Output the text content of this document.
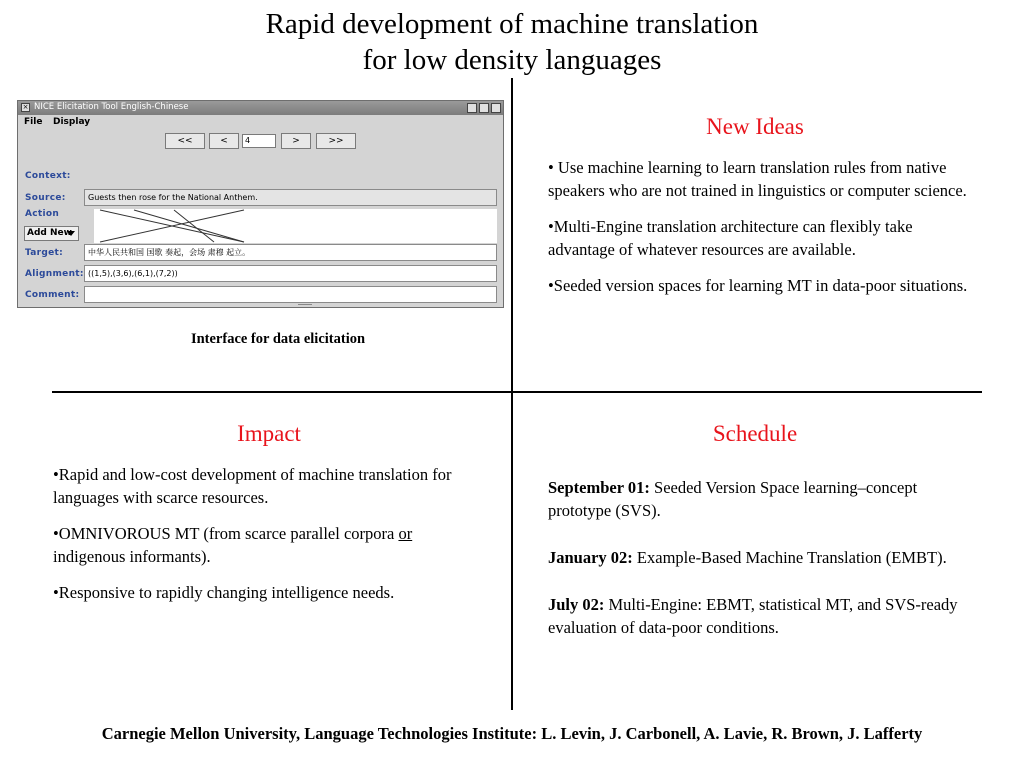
Rapid development of machine translation
for low density languages
× NICE Elicitation Tool English-Chinese
File Display
<<	<	4	>	>>
Context:
Source:	Guests then rose for the National Anthem.
Action
Add New
Target:	中华人民共和国 国歌 奏起，会场 肃穆 起立。
Alignment: ((1,5),(3,6),(6,1),(7,2))
Comment:
Interface for data elicitation
New Ideas

• Use machine learning to learn translation rules from native speakers who are not trained in linguistics or computer science.

•Multi-Engine translation architecture can flexibly take advantage of whatever resources are available.

•Seeded version spaces for learning MT in data-poor situations.

Impact

•Rapid and low-cost development of machine translation for languages with scarce resources.

•OMNIVOROUS MT (from scarce parallel corpora or indigenous informants).

•Responsive to rapidly changing intelligence needs.

Schedule

September 01: Seeded Version Space learning–concept prototype (SVS).

January 02: Example-Based Machine Translation (EMBT).

July 02: Multi-Engine: EBMT, statistical MT, and SVS-ready evaluation of data-poor conditions.

Carnegie Mellon University, Language Technologies Institute: L. Levin, J. Carbonell, A. Lavie, R. Brown, J. Lafferty
